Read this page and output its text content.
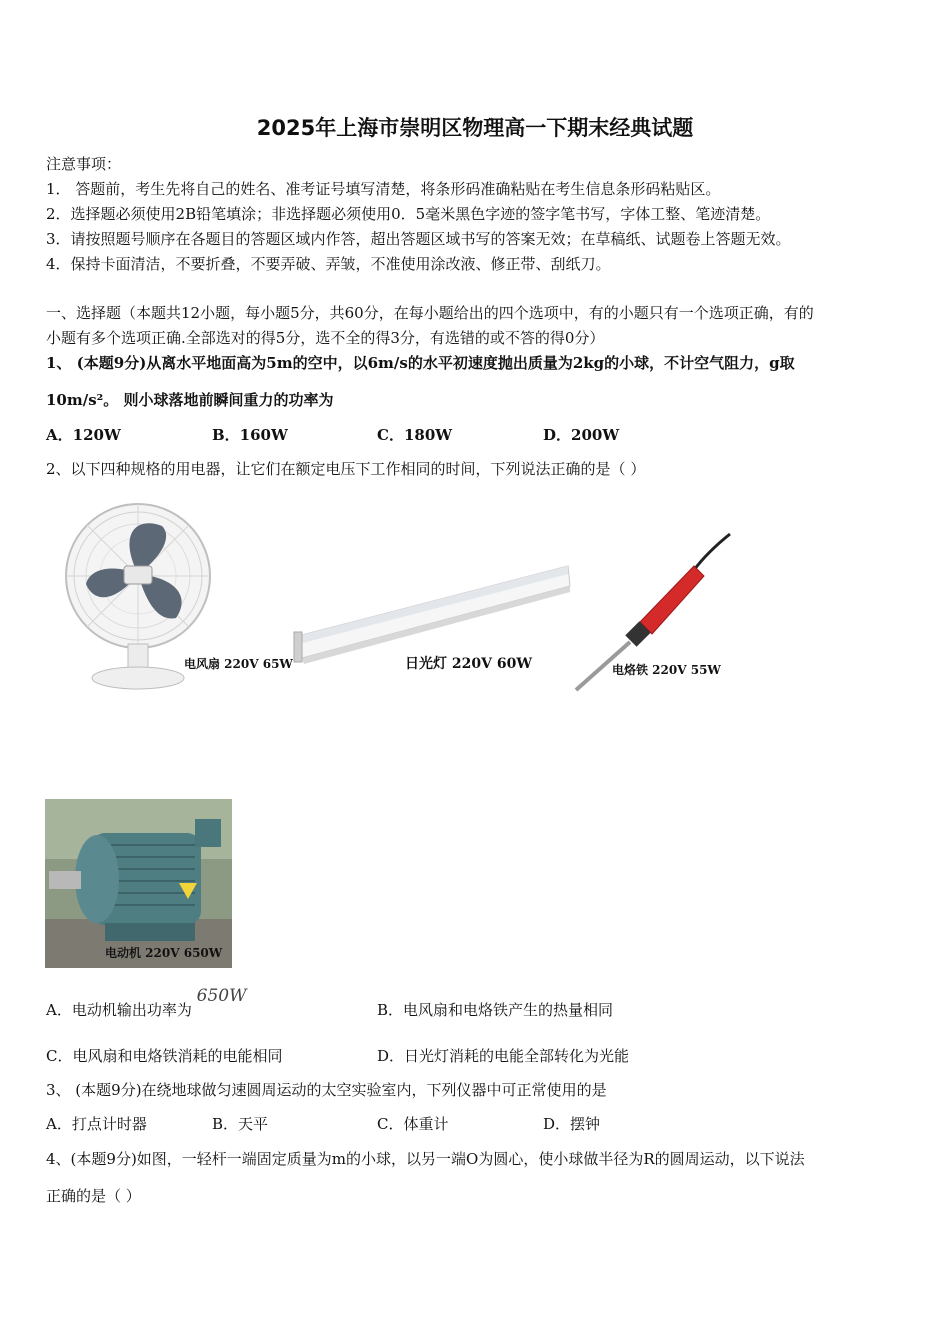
2025年上海市崇明区物理高一下期末经典试题
注意事项：
1． 答题前，考生先将自己的姓名、准考证号填写清楚，将条形码准确粘贴在考生信息条形码粘贴区。
2．选择题必须使用2B铅笔填涂；非选择题必须使用0．5毫米黑色字迹的签字笔书写，字体工整、笔迹清楚。
3．请按照题号顺序在各题目的答题区域内作答，超出答题区域书写的答案无效；在草稿纸、试题卷上答题无效。
4．保持卡面清洁，不要折叠，不要弄破、弄皱，不准使用涂改液、修正带、刮纸刀。
一、选择题（本题共12小题，每小题5分，共60分，在每小题给出的四个选项中，有的小题只有一个选项正确，有的
小题有多个选项正确.全部选对的得5分，选不全的得3分，有选错的或不答的得0分）
1、 (本题9分)从离水平地面高为5m的空中，以6m/s的水平初速度抛出质量为2kg的小球，不计空气阻力，g取
10m/s²。 则小球落地前瞬间重力的功率为
A．120W	B．160W	C．180W	D．200W
2、以下四种规格的用电器，让它们在额定电压下工作相同的时间，下列说法正确的是（ ）
电风扇 220V 65W	日光灯 220V 60W	电烙铁 220V 55W
电动机 220V 650W
A．电动机输出功率为 650W
B．电风扇和电烙铁产生的热量相同
C．电风扇和电烙铁消耗的电能相同	D．日光灯消耗的电能全部转化为光能
3、 (本题9分)在绕地球做匀速圆周运动的太空实验室内，下列仪器中可正常使用的是
A．打点计时器	B．天平	C．体重计	D．摆钟
4、(本题9分)如图，一轻杆一端固定质量为m的小球，以另一端O为圆心，使小球做半径为R的圆周运动，以下说法
正确的是（ ）
